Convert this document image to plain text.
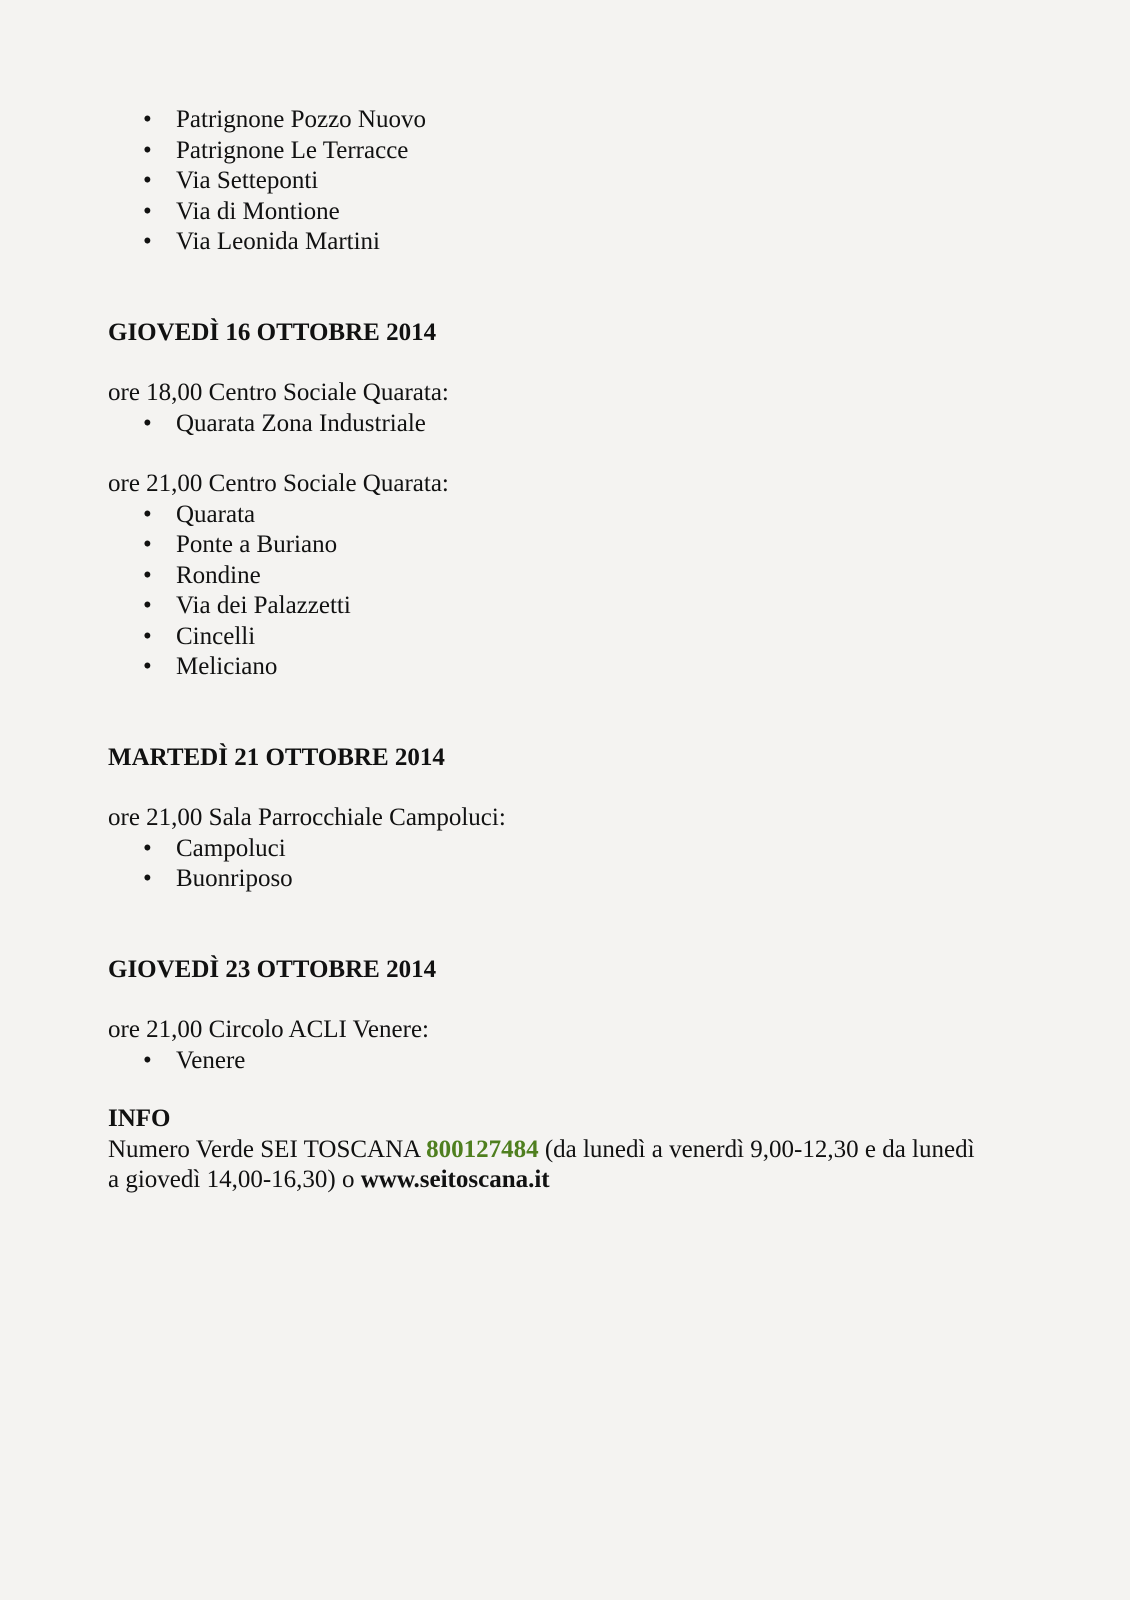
• Patrignone Pozzo Nuovo
• Patrignone Le Terracce
• Via Setteponti
• Via di Montione
• Via Leonida Martini

GIOVEDÌ 16 OTTOBRE 2014

ore 18,00 Centro Sociale Quarata:

• Quarata Zona Industriale

ore 21,00 Centro Sociale Quarata:

• Quarata
• Ponte a Buriano
• Rondine
• Via dei Palazzetti
• Cincelli
• Meliciano

MARTEDÌ 21 OTTOBRE 2014

ore 21,00 Sala Parrocchiale Campoluci:

• Campoluci
• Buonriposo

GIOVEDÌ 23 OTTOBRE 2014

ore 21,00 Circolo ACLI Venere:

• Venere

INFO

Numero Verde SEI TOSCANA 800127484 (da lunedì a venerdì 9,00-12,30 e da lunedì a giovedì 14,00-16,30) o www.seitoscana.it
